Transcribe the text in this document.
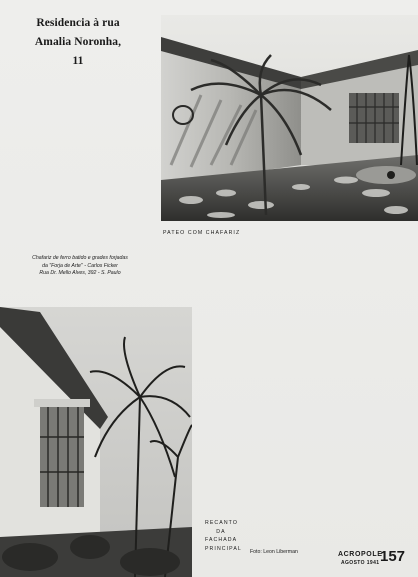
Residencia à rua
Amalia Noronha, 11
PATEO COM CHAFARIZ
Chafariz de ferro batido e grades forjadas
da "Forja de Arte" - Carlos Ficker
Rua Dr. Mello Alves, 392 - S. Paulo
RECANTO
DA
FACHADA
PRINCIPAL
Foto: Leon Liberman	ACROPOLE
AGOSTO 1941 157
